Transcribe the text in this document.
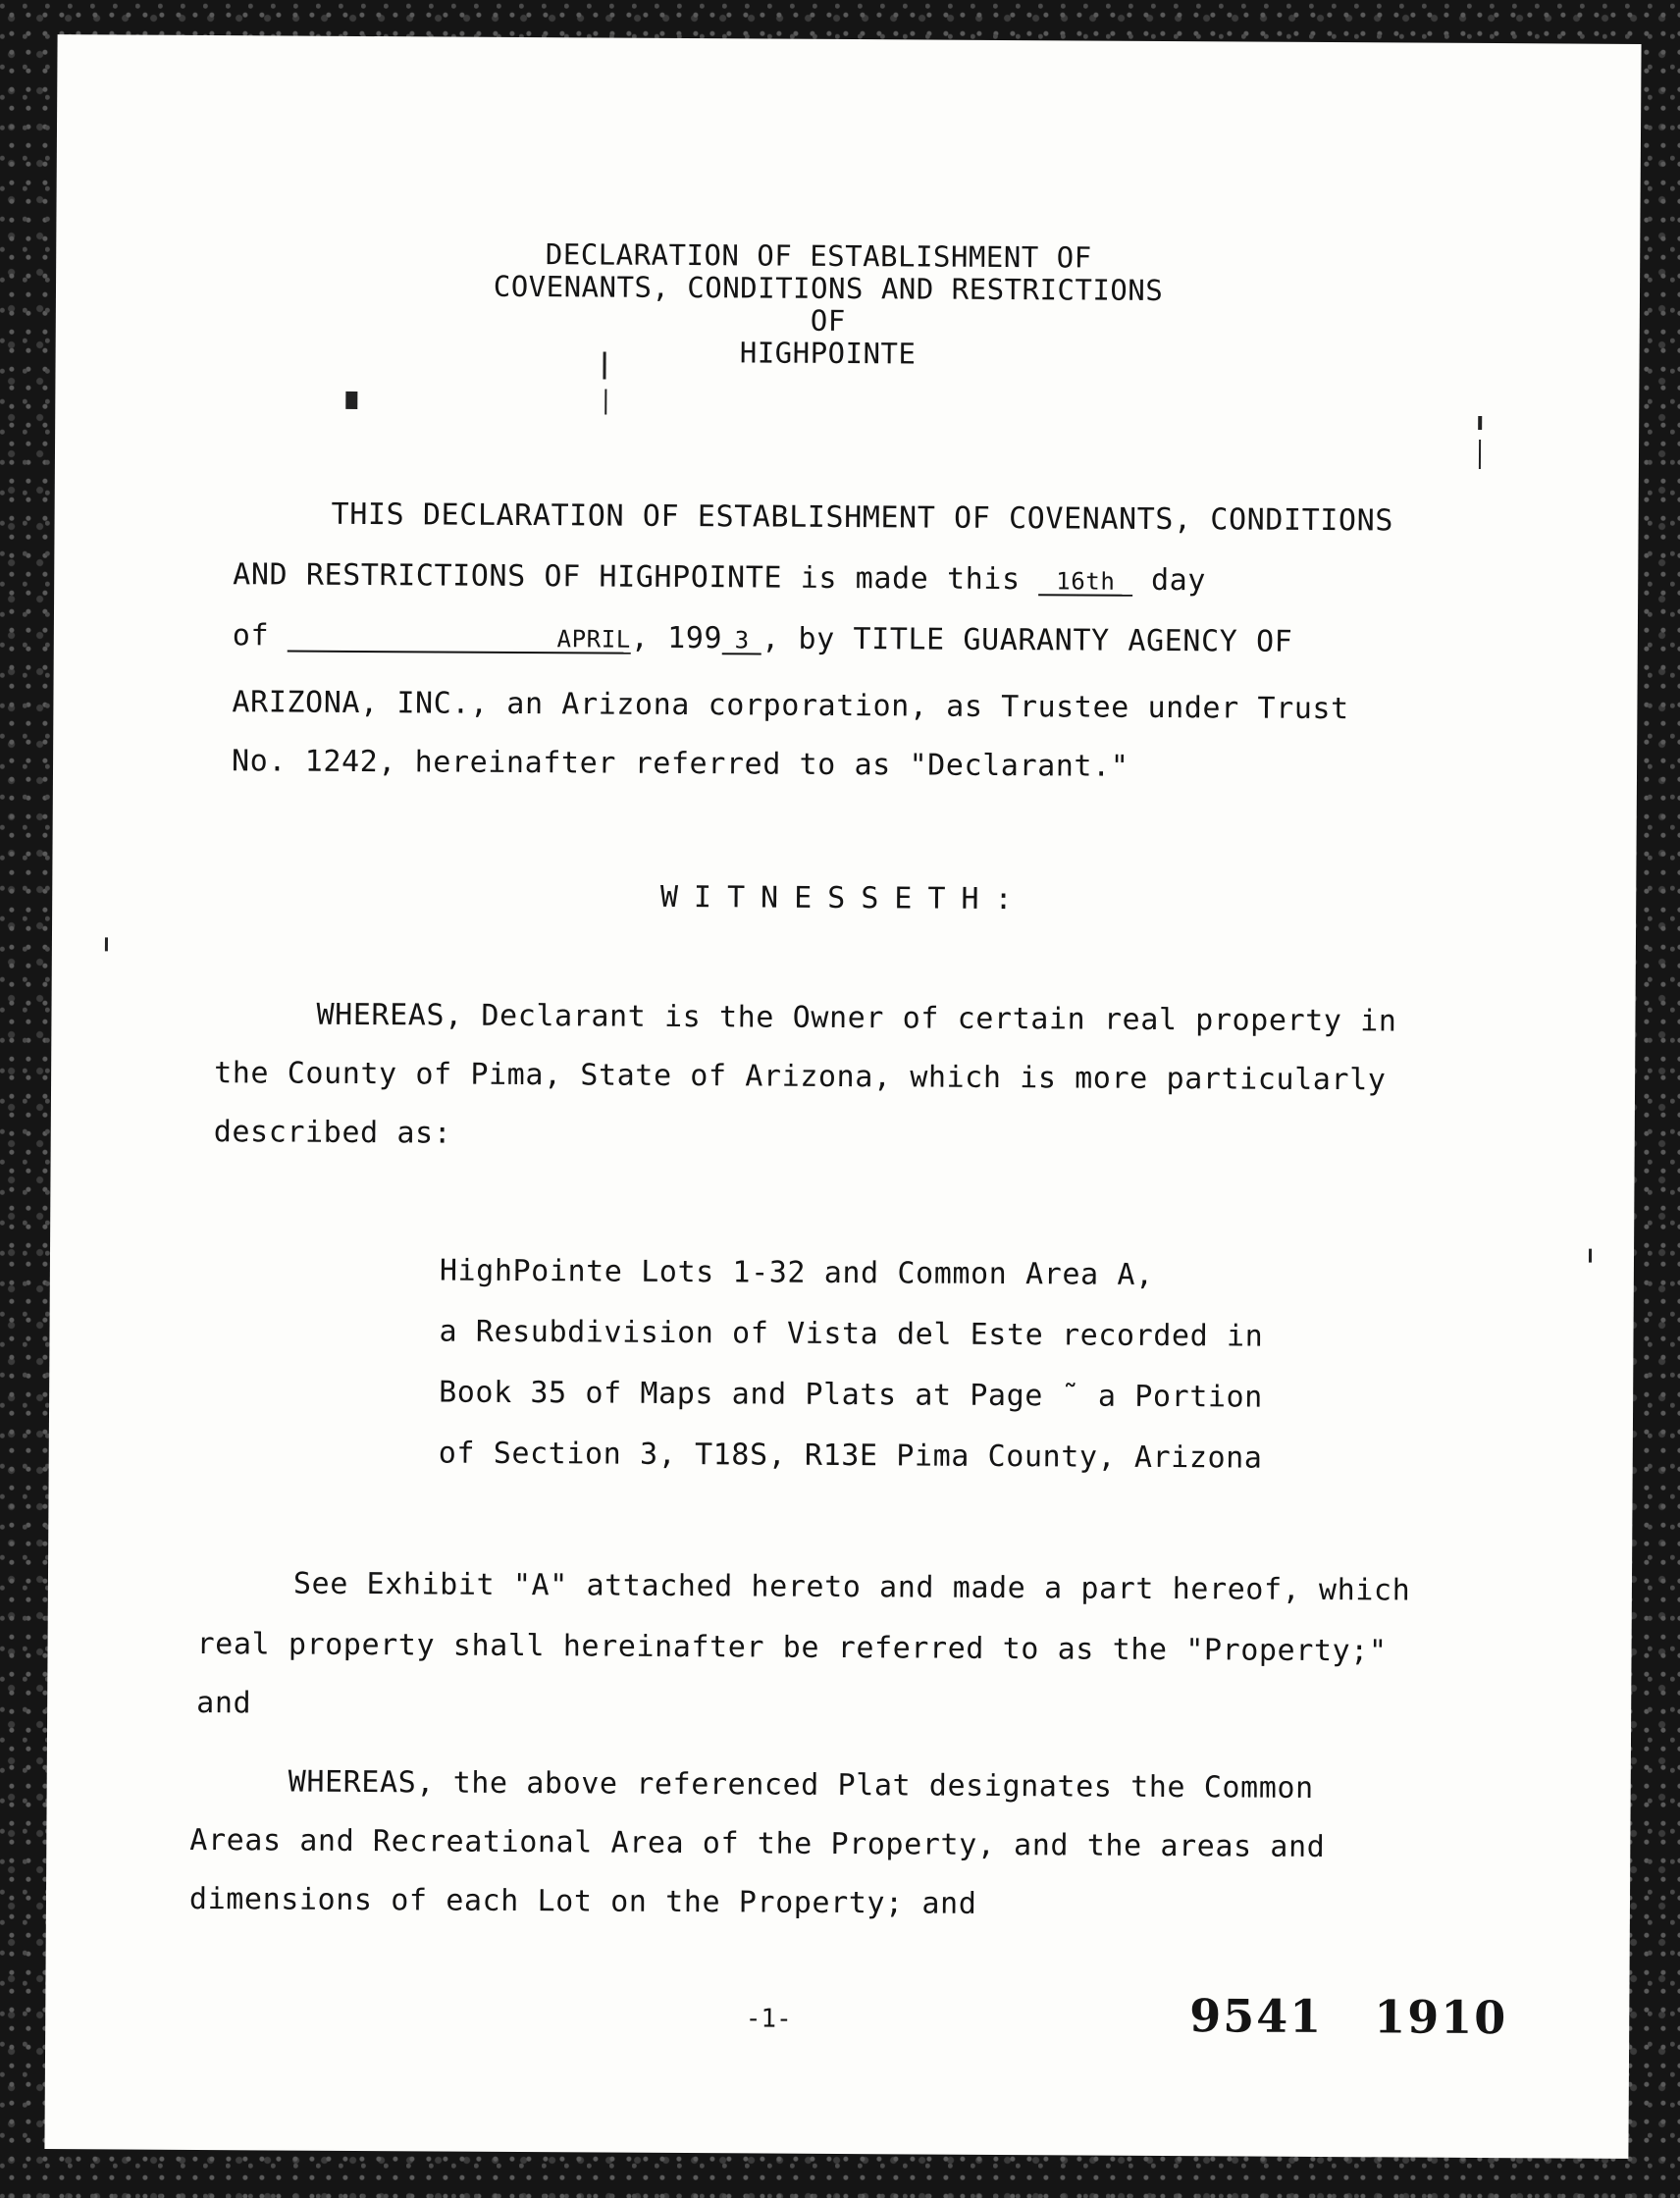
DECLARATION OF ESTABLISHMENT OF
COVENANTS, CONDITIONS AND RESTRICTIONS
OF
HIGHPOINTE
THIS DECLARATION OF ESTABLISHMENT OF COVENANTS, CONDITIONS
AND RESTRICTIONS OF HIGHPOINTE is made this 16th day
of	APRIL, 199 3 , by TITLE GUARANTY AGENCY OF
ARIZONA, INC., an Arizona corporation, as Trustee under Trust
No. 1242, hereinafter referred to as "Declarant."
WITNESSETH:
WHEREAS, Declarant is the Owner of certain real property in
the County of Pima, State of Arizona, which is more particularly
described as:
HighPointe Lots 1-32 and Common Area A,
a Resubdivision of Vista del Este recorded in
Book 35 of Maps and Plats at Page ˜ a Portion
of Section 3, T18S, R13E Pima County, Arizona
See Exhibit "A" attached hereto and made a part hereof, which
real property shall hereinafter be referred to as the "Property;"
and
WHEREAS, the above referenced Plat designates the Common
Areas and Recreational Area of the Property, and the areas and
dimensions of each Lot on the Property; and
-1-	9541 1910
